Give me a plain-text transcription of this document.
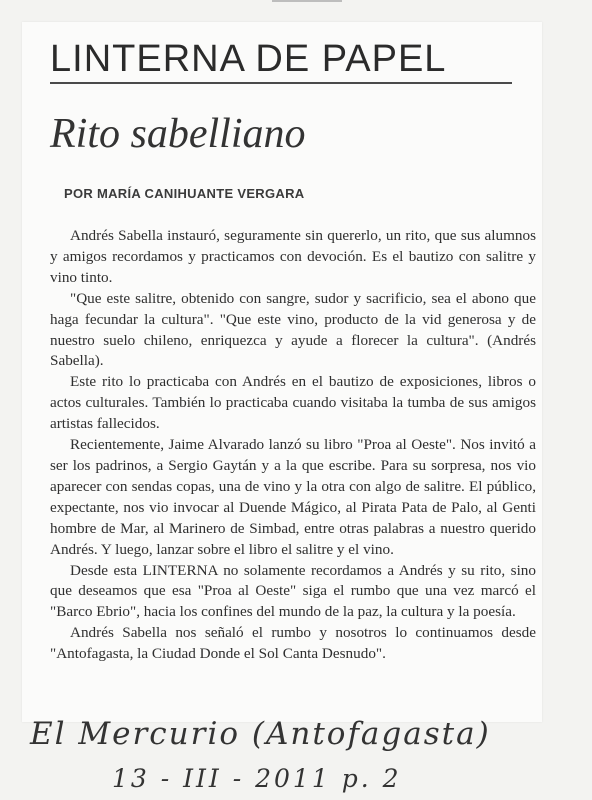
LINTERNA DE PAPEL
Rito sabelliano
POR MARÍA CANIHUANTE VERGARA

Andrés Sabella instauró, seguramente sin quererlo, un rito, que sus alumnos y amigos recordamos y practicamos con devoción. Es el bautizo con salitre y vino tinto.

"Que este salitre, obtenido con sangre, sudor y sacrificio, sea el abono que haga fecundar la cultura". "Que este vino, producto de la vid generosa y de nuestro suelo chileno, enriquezca y ayude a florecer la cultura". (Andrés Sabella).

Este rito lo practicaba con Andrés en el bautizo de exposiciones, libros o actos culturales. También lo practicaba cuando visitaba la tumba de sus amigos artistas fallecidos.

Recientemente, Jaime Alvarado lanzó su libro "Proa al Oeste". Nos invitó a ser los padrinos, a Sergio Gaytán y a la que escribe. Para su sorpresa, nos vio aparecer con sendas copas, una de vino y la otra con algo de salitre. El público, expectante, nos vio invocar al Duende Mágico, al Pirata Pata de Palo, al Genti hombre de Mar, al Marinero de Simbad, entre otras palabras a nuestro querido Andrés. Y luego, lanzar sobre el libro el salitre y el vino.

Desde esta LINTERNA no solamente recordamos a Andrés y su rito, sino que deseamos que esa "Proa al Oeste" siga el rumbo que una vez marcó el "Barco Ebrio", hacia los confines del mundo de la paz, la cultura y la poesía.

Andrés Sabella nos señaló el rumbo y nosotros lo continuamos desde "Antofagasta, la Ciudad Donde el Sol Canta Desnudo".

El Mercurio (Antofagasta)
13 - III - 2011 p. 2
